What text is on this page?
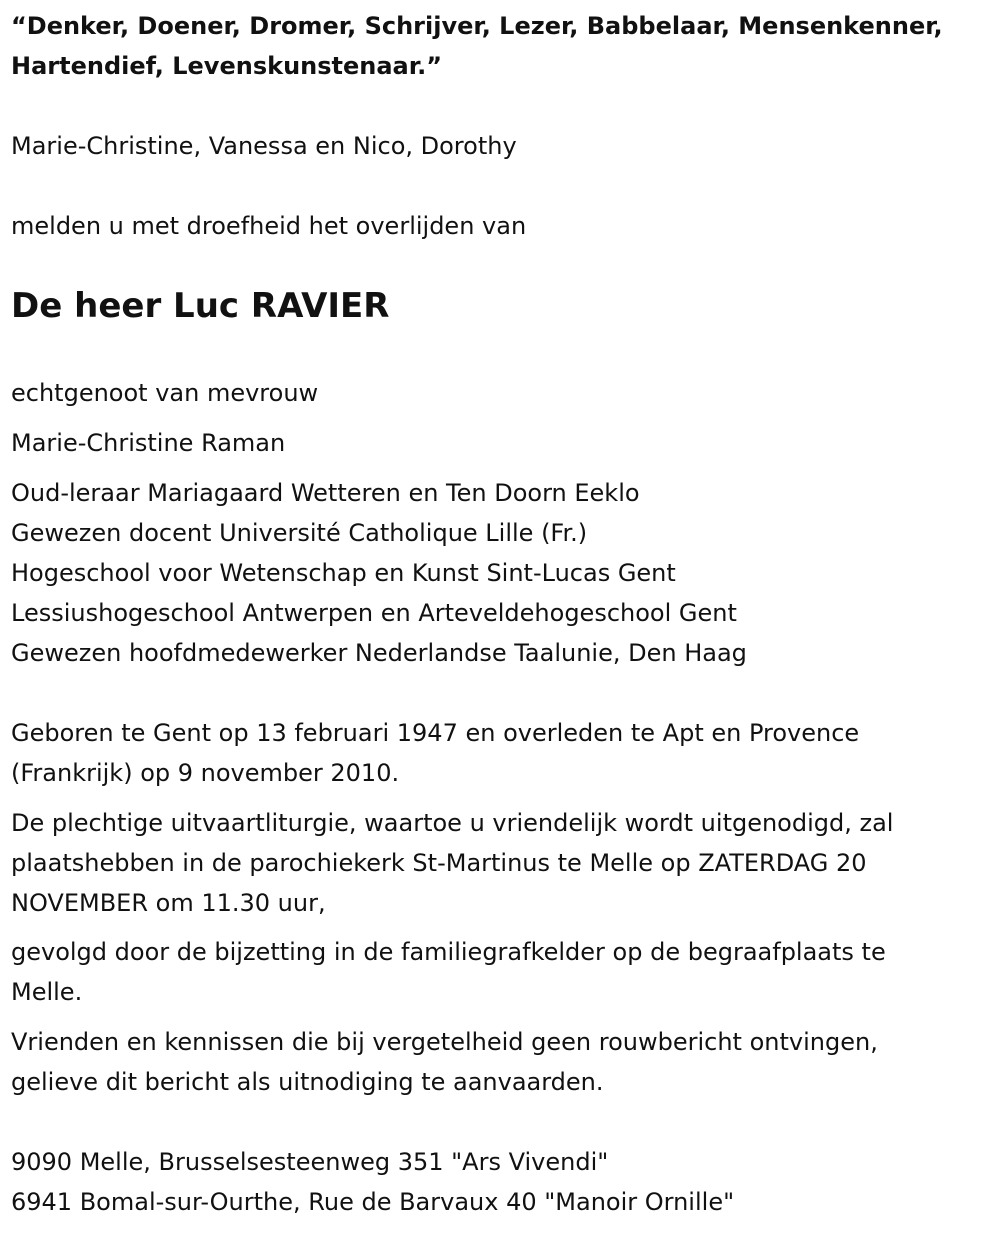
“Denker, Doener, Dromer, Schrijver, Lezer, Babbelaar, Mensenkenner,
Hartendief, Levenskunstenaar.”
Marie-Christine, Vanessa en Nico, Dorothy
melden u met droefheid het overlijden van
De heer Luc RAVIER
echtgenoot van mevrouw
Marie-Christine Raman
Oud-leraar Mariagaard Wetteren en Ten Doorn Eeklo
Gewezen docent Université Catholique Lille (Fr.)
Hogeschool voor Wetenschap en Kunst Sint-Lucas Gent
Lessiushogeschool Antwerpen en Arteveldehogeschool Gent
Gewezen hoofdmedewerker Nederlandse Taalunie, Den Haag
Geboren te Gent op 13 februari 1947 en overleden te Apt en Provence
(Frankrijk) op 9 november 2010.
De plechtige uitvaartliturgie, waartoe u vriendelijk wordt uitgenodigd, zal
plaatshebben in de parochiekerk St-Martinus te Melle op ZATERDAG 20
NOVEMBER om 11.30 uur,
gevolgd door de bijzetting in de familiegrafkelder op de begraafplaats te
Melle.
Vrienden en kennissen die bij vergetelheid geen rouwbericht ontvingen,
gelieve dit bericht als uitnodiging te aanvaarden.
9090 Melle, Brusselsesteenweg 351 "Ars Vivendi"
6941 Bomal-sur-Ourthe, Rue de Barvaux 40 "Manoir Ornille"
